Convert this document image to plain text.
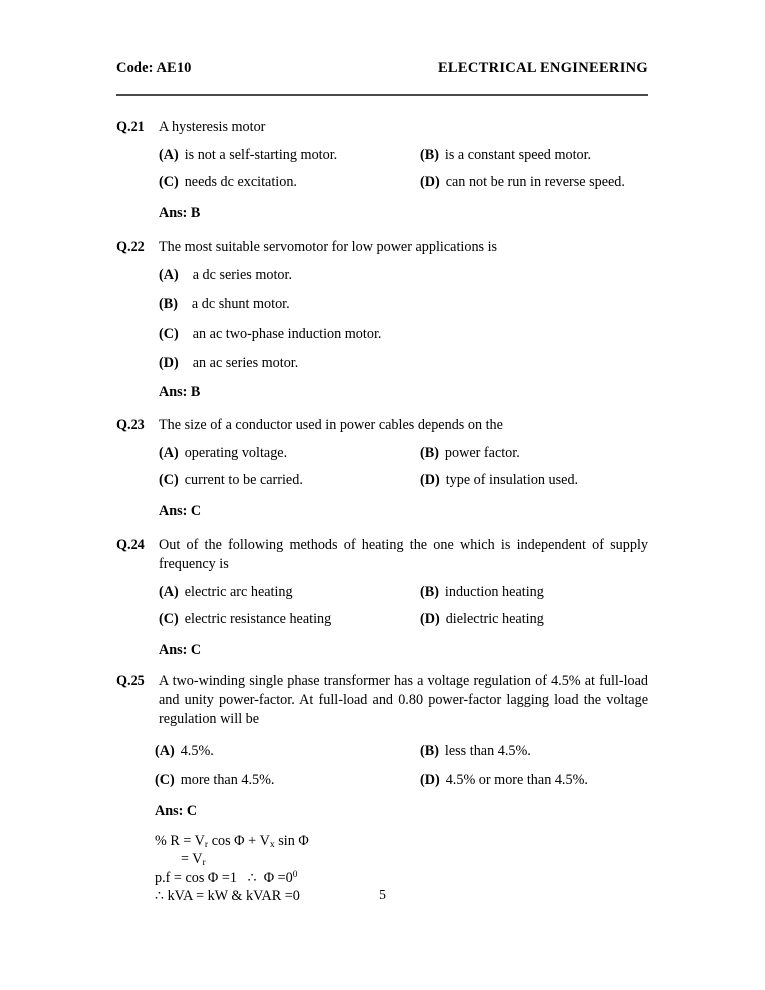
Code: AE10	ELECTRICAL ENGINEERING
Q.21	A hysteresis motor
(A) is not a self-starting motor.	(B) is a constant speed motor.
(C) needs dc excitation.	(D) can not be run in reverse speed.
Ans: B
Q.22	The most suitable servomotor for low power applications is
(A) a dc series motor.
(B) a dc shunt motor.
(C) an ac two-phase induction motor.
(D) an ac series motor.
Ans: B
Q.23	The size of a conductor used in power cables depends on the
(A) operating voltage.	(B) power factor.
(C) current to be carried.	(D) type of insulation used.
Ans: C
Q.24	Out of the following methods of heating the one which is independent of supply frequency is
(A) electric arc heating	(B) induction heating
(C) electric resistance heating	(D) dielectric heating
Ans: C
Q.25	A two-winding single phase transformer has a voltage regulation of 4.5% at full-load and unity power-factor. At full-load and 0.80 power-factor lagging load the voltage regulation will be
(A) 4.5%.	(B) less than 4.5%.
(C) more than 4.5%.	(D) 4.5% or more than 4.5%.
Ans: C
% $R = V_r$ $\cos \Phi + V_x$ sin Φ
= $V_r$
p.f = cos Φ =1   ∴  $\Phi =0^0$
∴ kVA = kW & kVAR =0	5
